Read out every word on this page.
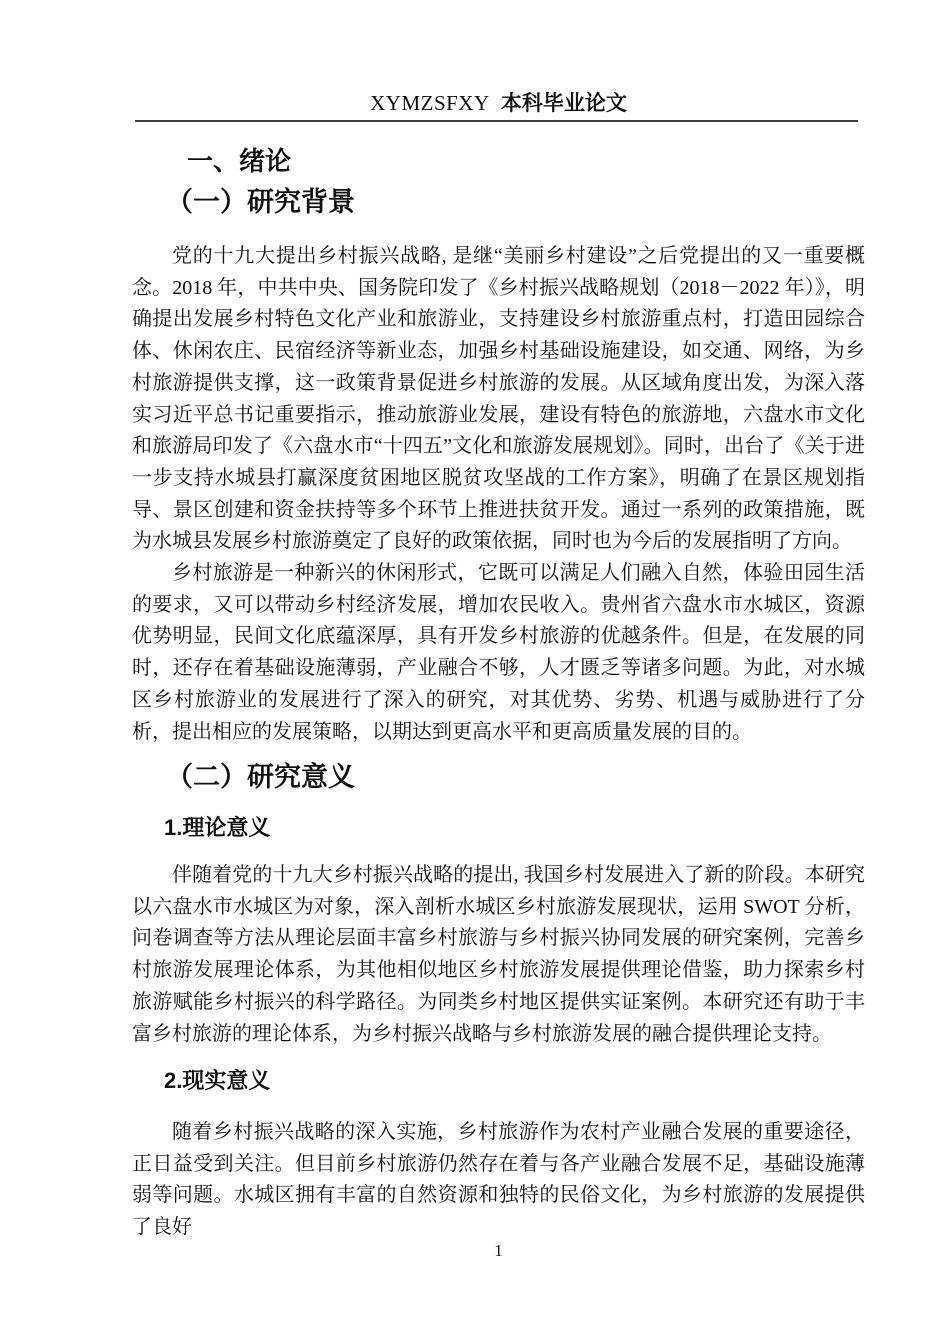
XYMZSFXY 本科毕业论文
一、绪论
（一）研究背景
党的十九大提出乡村振兴战略, 是继“美丽乡村建设”之后党提出的又一重要概念。2018 年，中共中央、国务院印发了《乡村振兴战略规划（2018－2022 年）》，明确提出发展乡村特色文化产业和旅游业，支持建设乡村旅游重点村，打造田园综合体、休闲农庄、民宿经济等新业态，加强乡村基础设施建设，如交通、网络，为乡村旅游提供支撑，这一政策背景促进乡村旅游的发展。从区域角度出发，为深入落实习近平总书记重要指示，推动旅游业发展，建设有特色的旅游地，六盘水市文化和旅游局印发了《六盘水市“十四五”文化和旅游发展规划》。同时，出台了《关于进一步支持水城县打赢深度贫困地区脱贫攻坚战的工作方案》，明确了在景区规划指导、景区创建和资金扶持等多个环节上推进扶贫开发。通过一系列的政策措施，既为水城县发展乡村旅游奠定了良好的政策依据，同时也为今后的发展指明了方向。
乡村旅游是一种新兴的休闲形式，它既可以满足人们融入自然，体验田园生活的要求，又可以带动乡村经济发展，增加农民收入。贵州省六盘水市水城区，资源优势明显，民间文化底蕴深厚，具有开发乡村旅游的优越条件。但是，在发展的同时，还存在着基础设施薄弱，产业融合不够，人才匮乏等诸多问题。为此，对水城区乡村旅游业的发展进行了深入的研究，对其优势、劣势、机遇与威胁进行了分析，提出相应的发展策略，以期达到更高水平和更高质量发展的目的。
（二）研究意义
1.理论意义
伴随着党的十九大乡村振兴战略的提出, 我国乡村发展进入了新的阶段。本研究以六盘水市水城区为对象，深入剖析水城区乡村旅游发展现状，运用 SWOT 分析，问卷调查等方法从理论层面丰富乡村旅游与乡村振兴协同发展的研究案例，完善乡村旅游发展理论体系，为其他相似地区乡村旅游发展提供理论借鉴，助力探索乡村旅游赋能乡村振兴的科学路径。为同类乡村地区提供实证案例。本研究还有助于丰富乡村旅游的理论体系，为乡村振兴战略与乡村旅游发展的融合提供理论支持。
2.现实意义
随着乡村振兴战略的深入实施，乡村旅游作为农村产业融合发展的重要途径，正日益受到关注。但目前乡村旅游仍然存在着与各产业融合发展不足，基础设施薄弱等问题。水城区拥有丰富的自然资源和独特的民俗文化，为乡村旅游的发展提供了良好
1
